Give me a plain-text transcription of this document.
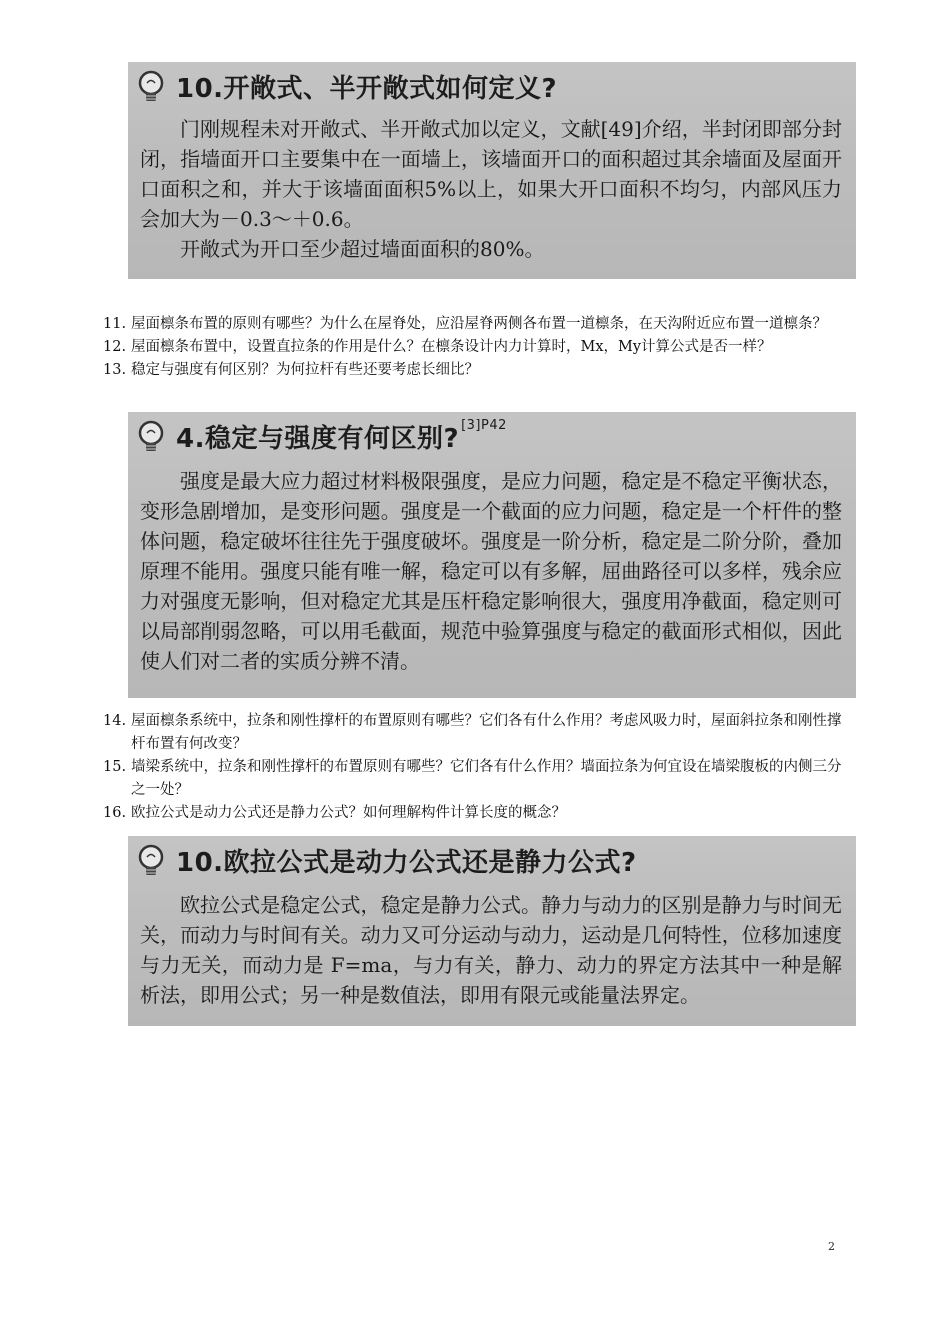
10.开敞式、半开敞式如何定义?

门刚规程未对开敞式、半开敞式加以定义，文献[49]介绍，半封闭即部分封闭，指墙面开口主要集中在一面墙上，该墙面开口的面积超过其余墙面及屋面开口面积之和，并大于该墙面面积5%以上，如果大开口面积不均匀，内部风压力会加大为－0.3～＋0.6。

开敞式为开口至少超过墙面面积的80%。

11. 屋面檩条布置的原则有哪些？为什么在屋脊处，应沿屋脊两侧各布置一道檩条，在天沟附近应布置一道檩条？
12. 屋面檩条布置中，设置直拉条的作用是什么？在檩条设计内力计算时，Mx，My计算公式是否一样？
13. 稳定与强度有何区别？为何拉杆有些还要考虑长细比？
4.稳定与强度有何区别? $^{[3]P42}$

强度是最大应力超过材料极限强度，是应力问题，稳定是不稳定平衡状态，变形急剧增加，是变形问题。强度是一个截面的应力问题，稳定是一个杆件的整体问题，稳定破坏往往先于强度破坏。强度是一阶分析，稳定是二阶分阶，叠加原理不能用。强度只能有唯一解，稳定可以有多解，屈曲路径可以多样，残余应力对强度无影响，但对稳定尤其是压杆稳定影响很大，强度用净截面，稳定则可以局部削弱忽略，可以用毛截面，规范中验算强度与稳定的截面形式相似，因此使人们对二者的实质分辨不清。

14. 屋面檩条系统中，拉条和刚性撑杆的布置原则有哪些？它们各有什么作用？考虑风吸力时，屋面斜拉条和刚性撑杆布置有何改变？
15. 墙梁系统中，拉条和刚性撑杆的布置原则有哪些？它们各有什么作用？墙面拉条为何宜设在墙梁腹板的内侧三分之一处？
16. 欧拉公式是动力公式还是静力公式？如何理解构件计算长度的概念？
10.欧拉公式是动力公式还是静力公式?

欧拉公式是稳定公式，稳定是静力公式。静力与动力的区别是静力与时间无关，而动力与时间有关。动力又可分运动与动力，运动是几何特性，位移加速度与力无关，而动力是 F=ma，与力有关，静力、动力的界定方法其中一种是解析法，即用公式；另一种是数值法，即用有限元或能量法界定。

2
